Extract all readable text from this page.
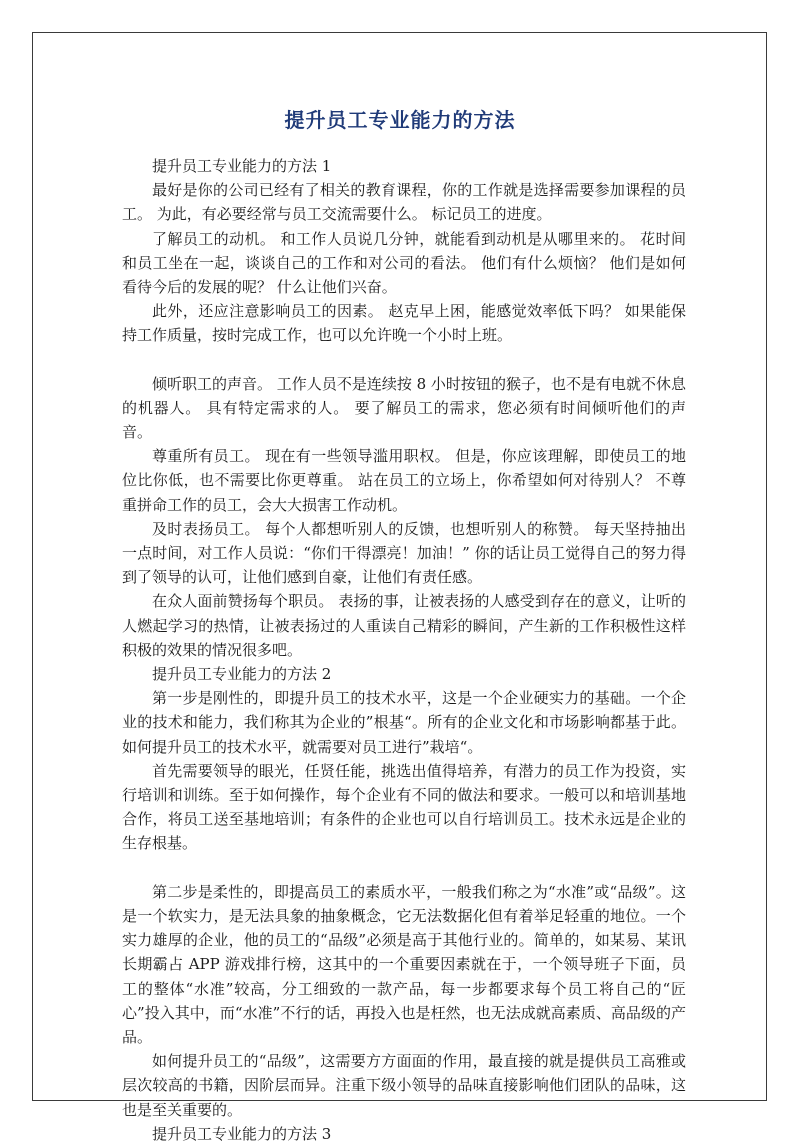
提升员工专业能力的方法

提升员工专业能力的方法 1

最好是你的公司已经有了相关的教育课程，你的工作就是选择需要参加课程的员工。 为此，有必要经常与员工交流需要什么。 标记员工的进度。

了解员工的动机。 和工作人员说几分钟，就能看到动机是从哪里来的。 花时间和员工坐在一起，谈谈自己的工作和对公司的看法。 他们有什么烦恼？ 他们是如何看待今后的发展的呢？ 什么让他们兴奋。

此外，还应注意影响员工的因素。 赵克早上困，能感觉效率低下吗？ 如果能保持工作质量，按时完成工作，也可以允许晚一个小时上班。

倾听职工的声音。 工作人员不是连续按 8 小时按钮的猴子，也不是有电就不休息的机器人。 具有特定需求的人。 要了解员工的需求，您必须有时间倾听他们的声音。

尊重所有员工。 现在有一些领导滥用职权。 但是，你应该理解，即使员工的地位比你低，也不需要比你更尊重。 站在员工的立场上，你希望如何对待别人？ 不尊重拼命工作的员工，会大大损害工作动机。

及时表扬员工。 每个人都想听别人的反馈，也想听别人的称赞。 每天坚持抽出一点时间，对工作人员说：“你们干得漂亮！加油！” 你的话让员工觉得自己的努力得到了领导的认可，让他们感到自豪，让他们有责任感。

在众人面前赞扬每个职员。 表扬的事，让被表扬的人感受到存在的意义，让听的人燃起学习的热情，让被表扬过的人重读自己精彩的瞬间，产生新的工作积极性这样积极的效果的情况很多吧。

提升员工专业能力的方法 2

第一步是刚性的，即提升员工的技术水平，这是一个企业硬实力的基础。一个企业的技术和能力，我们称其为企业的”根基“。所有的企业文化和市场影响都基于此。如何提升员工的技术水平，就需要对员工进行”栽培“。

首先需要领导的眼光，任贤任能，挑选出值得培养，有潜力的员工作为投资，实行培训和训练。至于如何操作，每个企业有不同的做法和要求。一般可以和培训基地合作，将员工送至基地培训；有条件的企业也可以自行培训员工。技术永远是企业的生存根基。

第二步是柔性的，即提高员工的素质水平，一般我们称之为“水准”或“品级”。这是一个软实力，是无法具象的抽象概念，它无法数据化但有着举足轻重的地位。一个实力雄厚的企业，他的员工的“品级”必须是高于其他行业的。简单的，如某易、某讯长期霸占 APP 游戏排行榜，这其中的一个重要因素就在于，一个领导班子下面，员工的整体“水准”较高，分工细致的一款产品，每一步都要求每个员工将自己的“匠心”投入其中，而“水准”不行的话，再投入也是枉然，也无法成就高素质、高品级的产品。

如何提升员工的“品级”，这需要方方面面的作用，最直接的就是提供员工高雅或层次较高的书籍，因阶层而异。注重下级小领导的品味直接影响他们团队的品味，这也是至关重要的。

提升员工专业能力的方法 3
